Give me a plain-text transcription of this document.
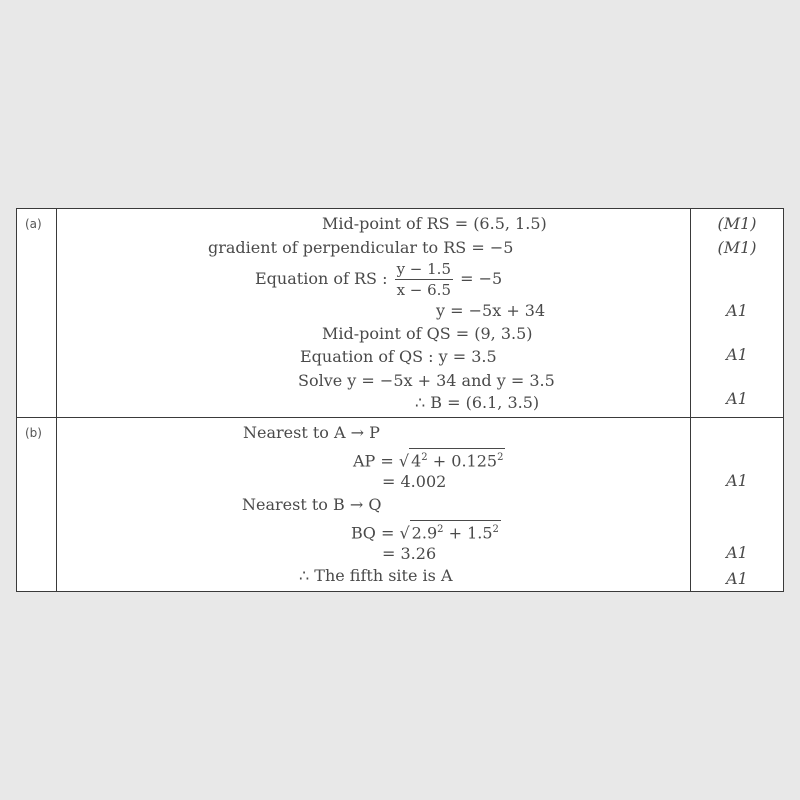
(a)	Mid-point of RS = (6.5, 1.5)	(M1)
gradient of perpendicular to RS = −5	(M1)
Equation of RS : $\frac{y - 1.5}{x - 6.5} = -5$
y = −5x + 34	A1
Mid-point of QS = (9, 3.5)
Equation of QS : y = 3.5	A1
Solve y = −5x + 34 and y = 3.5
∴ B = (6.1, 3.5)	A1
(b)	Nearest to A → P
AP = √ $4^2 + 0.125^2$
= 4.002	A1
Nearest to B → Q
BQ = √ $2.9^2 + 1.5^2$
= 3.26	A1
∴ The fifth site is A	A1
